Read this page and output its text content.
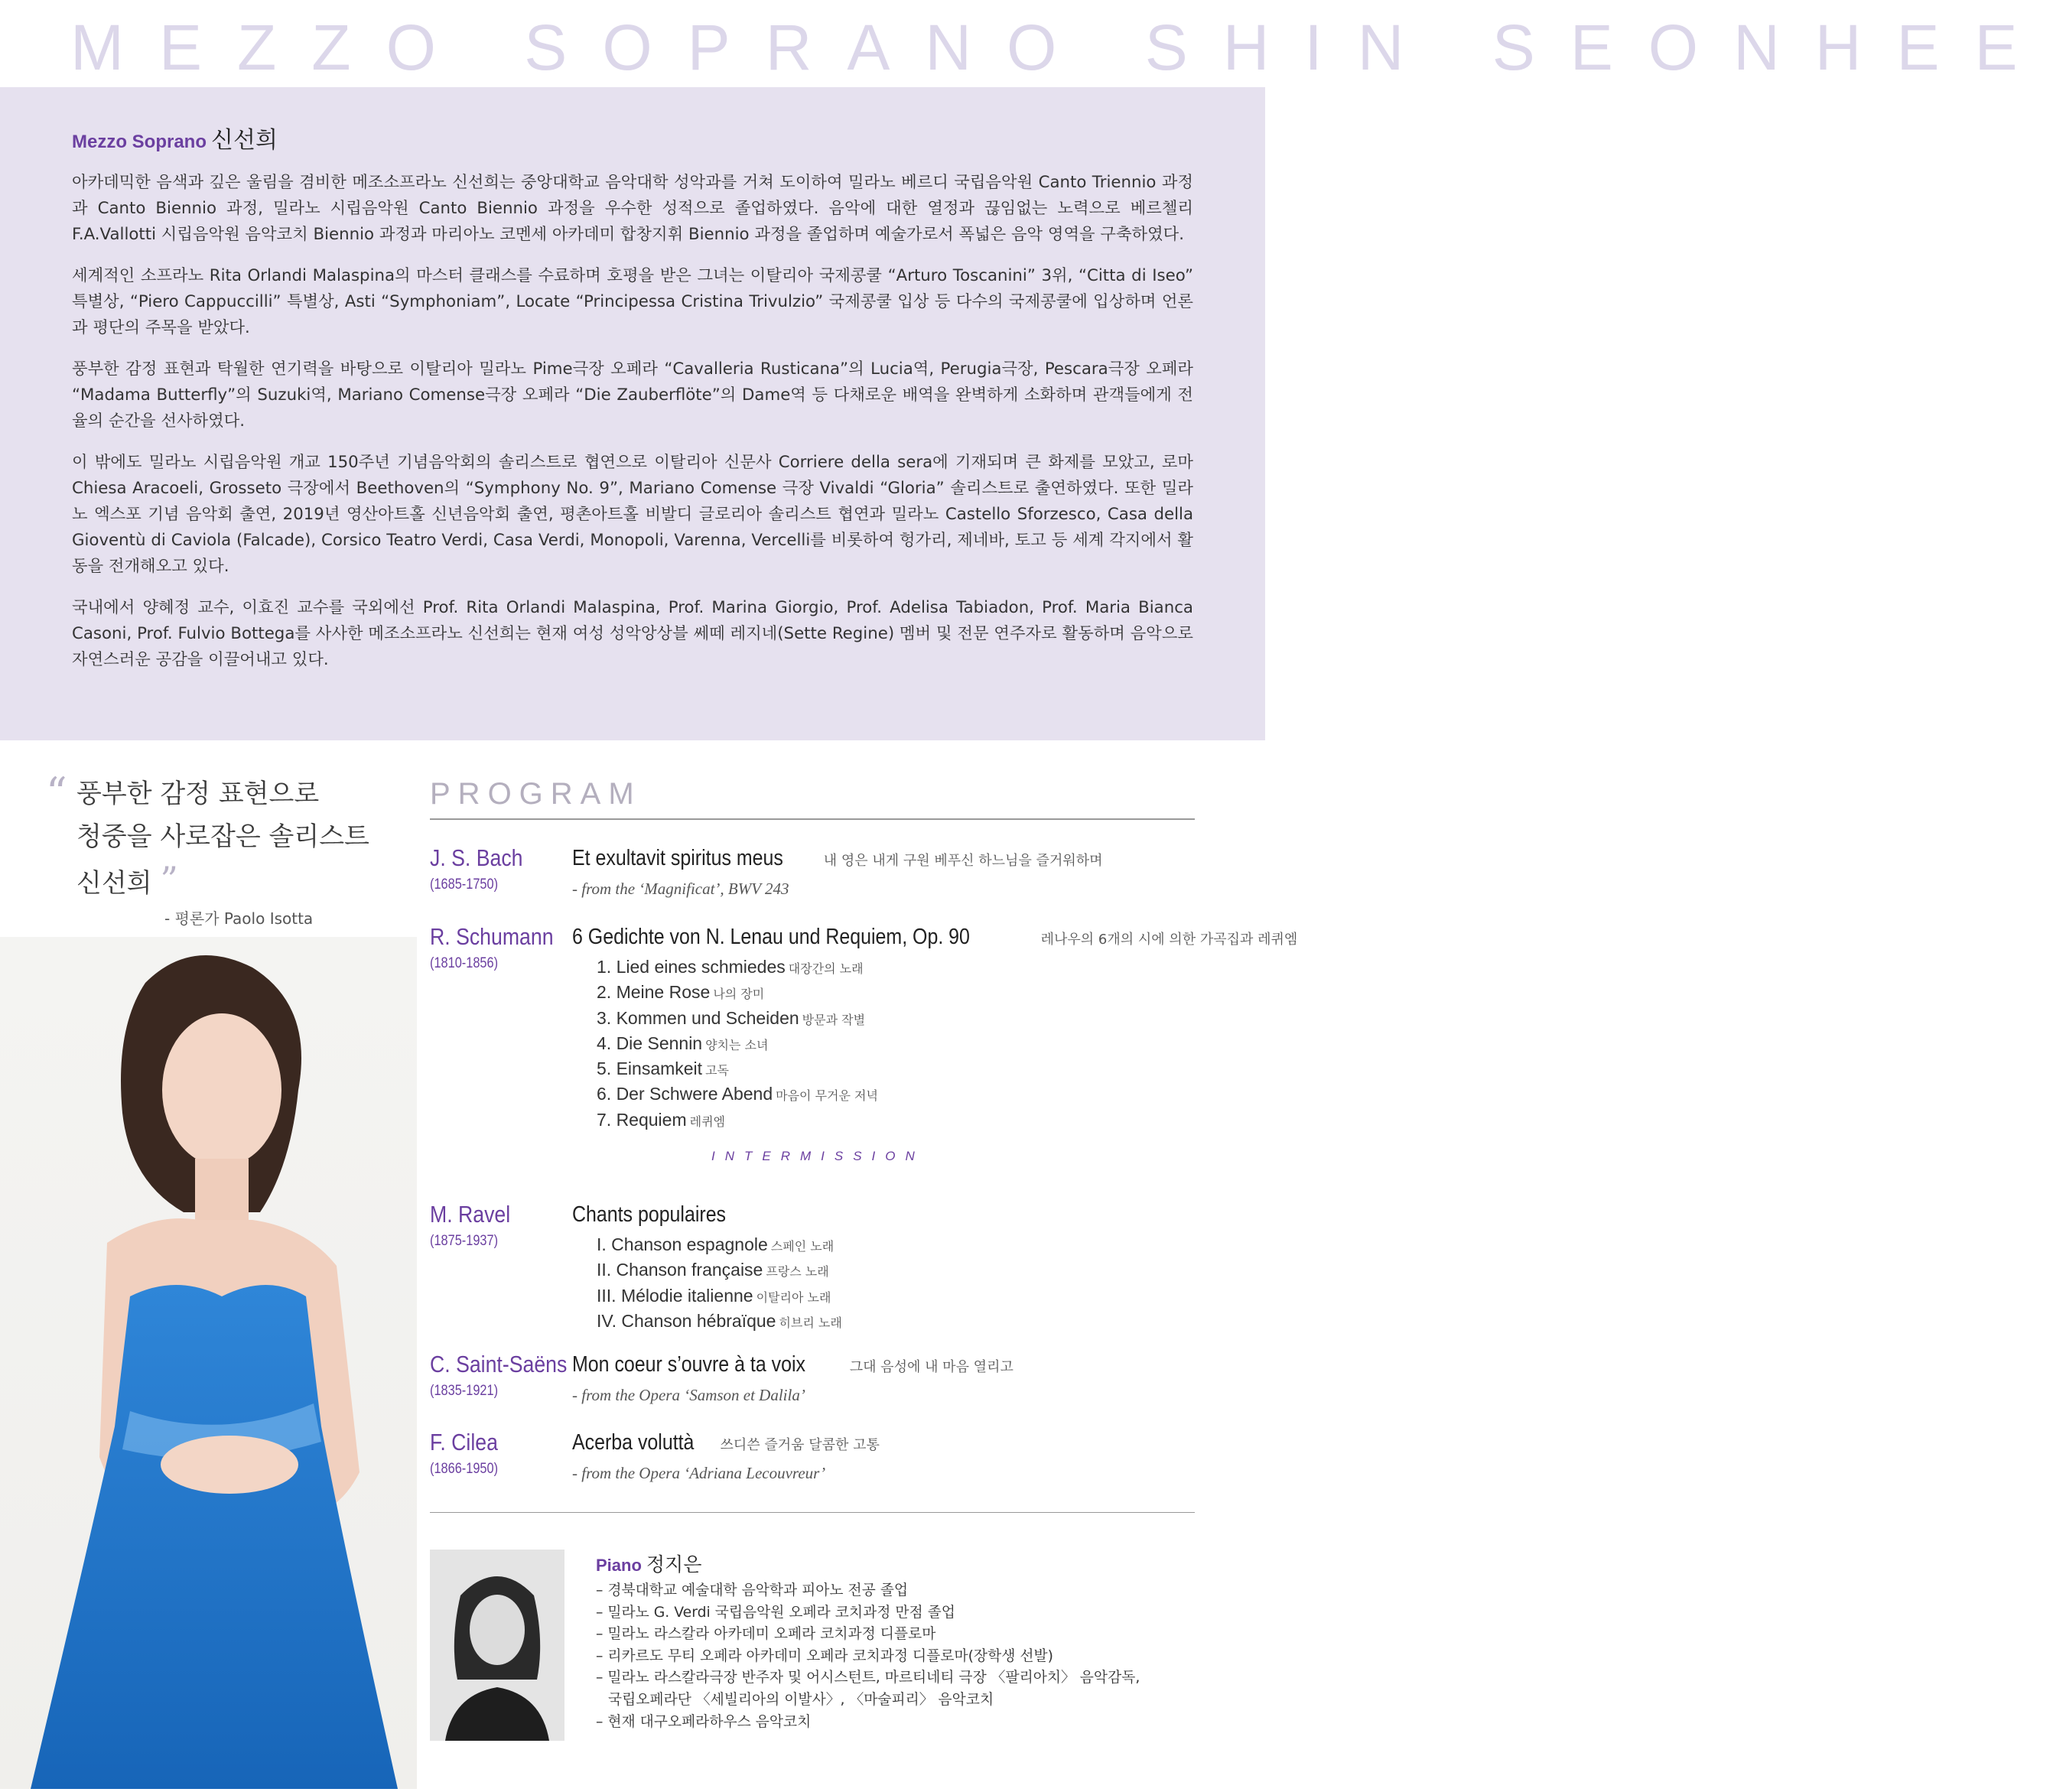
MEZZO SOPRANO SHIN SEONHEE
Mezzo Soprano 신선희

아카데믹한 음색과 깊은 울림을 겸비한 메조소프라노 신선희는 중앙대학교 음악대학 성악과를 거쳐 도이하여 밀라노 베르디 국립음악원 Canto Triennio 과정과 Canto Biennio 과정, 밀라노 시립음악원 Canto Biennio 과정을 우수한 성적으로 졸업하였다. 음악에 대한 열정과 끊임없는 노력으로 베르첼리 F.A.Vallotti 시립음악원 음악코치 Biennio 과정과 마리아노 코멘세 아카데미 합창지휘 Biennio 과정을 졸업하며 예술가로서 폭넓은 음악 영역을 구축하였다.

세계적인 소프라노 Rita Orlandi Malaspina의 마스터 클래스를 수료하며 호평을 받은 그녀는 이탈리아 국제콩쿨 “Arturo Toscanini” 3위, “Citta di Iseo” 특별상, “Piero Cappuccilli” 특별상, Asti “Symphoniam”, Locate “Principessa Cristina Trivulzio” 국제콩쿨 입상 등 다수의 국제콩쿨에 입상하며 언론과 평단의 주목을 받았다.

풍부한 감정 표현과 탁월한 연기력을 바탕으로 이탈리아 밀라노 Pime극장 오페라 “Cavalleria Rusticana”의 Lucia역, Perugia극장, Pescara극장 오페라 “Madama Butterfly”의 Suzuki역, Mariano Comense극장 오페라 “Die Zauberflöte”의 Dame역 등 다채로운 배역을 완벽하게 소화하며 관객들에게 전율의 순간을 선사하였다.

이 밖에도 밀라노 시립음악원 개교 150주년 기념음악회의 솔리스트로 협연으로 이탈리아 신문사 Corriere della sera에 기재되며 큰 화제를 모았고, 로마 Chiesa Aracoeli, Grosseto 극장에서 Beethoven의 “Symphony No. 9”, Mariano Comense 극장 Vivaldi “Gloria” 솔리스트로 출연하였다. 또한 밀라노 엑스포 기념 음악회 출연, 2019년 영산아트홀 신년음악회 출연, 평촌아트홀 비발디 글로리아 솔리스트 협연과 밀라노 Castello Sforzesco, Casa della Gioventù di Caviola (Falcade), Corsico Teatro Verdi, Casa Verdi, Monopoli, Varenna, Vercelli를 비롯하여 헝가리, 제네바, 토고 등 세계 각지에서 활동을 전개해오고 있다.

국내에서 양혜정 교수, 이효진 교수를 국외에선 Prof. Rita Orlandi Malaspina, Prof. Marina Giorgio, Prof. Adelisa Tabiadon, Prof. Maria Bianca Casoni, Prof. Fulvio Bottega를 사사한 메조소프라노 신선희는 현재 여성 성악앙상블 쎄떼 레지네(Sette Regine) 멤버 및 전문 연주자로 활동하며 음악으로 자연스러운 공감을 이끌어내고 있다.

“ 풍부한 감정 표현으로
청중을 사로잡은 솔리스트
신선희 ”
- 평론가 Paolo Isotta
PROGRAM
J. S. Bach
(1685-1750)
Et exultavit spiritus meus	내 영은 내게 구원 베푸신 하느님을 즐거워하며
- from the ‘Magnificat’, BWV 243
R. Schumann
(1810-1856)
6 Gedichte von N. Lenau und Requiem, Op. 90	레나우의 6개의 시에 의한 가곡집과 레퀴엠
1. Lied eines schmiedes 대장간의 노래
2. Meine Rose 나의 장미
3. Kommen und Scheiden 방문과 작별
4. Die Sennin 양치는 소녀
5. Einsamkeit 고독
6. Der Schwere Abend 마음이 무거운 저녁
7. Requiem 레퀴엠
INTERMISSION
M. Ravel
(1875-1937)
Chants populaires
I. Chanson espagnole 스페인 노래
II. Chanson française 프랑스 노래
III. Mélodie italienne 이탈리아 노래
IV. Chanson hébraïque 히브리 노래
C. Saint-Saëns
(1835-1921)
Mon coeur s’ouvre à ta voix	그대 음성에 내 마음 열리고
- from the Opera ‘Samson et Dalila’
F. Cilea
(1866-1950)
Acerba voluttà 쓰디쓴 즐거움 달콤한 고통
- from the Opera ‘Adriana Lecouvreur’
Piano 정지은
– 경북대학교 예술대학 음악학과 피아노 전공 졸업
– 밀라노 G. Verdi 국립음악원 오페라 코치과정 만점 졸업
– 밀라노 라스칼라 아카데미 오페라 코치과정 디플로마
– 리카르도 무티 오페라 아카데미 오페라 코치과정 디플로마(장학생 선발)
– 밀라노 라스칼라극장 반주자 및 어시스턴트, 마르티네티 극장 〈팔리아치〉 음악감독,
국립오페라단 〈세빌리아의 이발사〉, 〈마술피리〉 음악코치
– 현재 대구오페라하우스 음악코치
